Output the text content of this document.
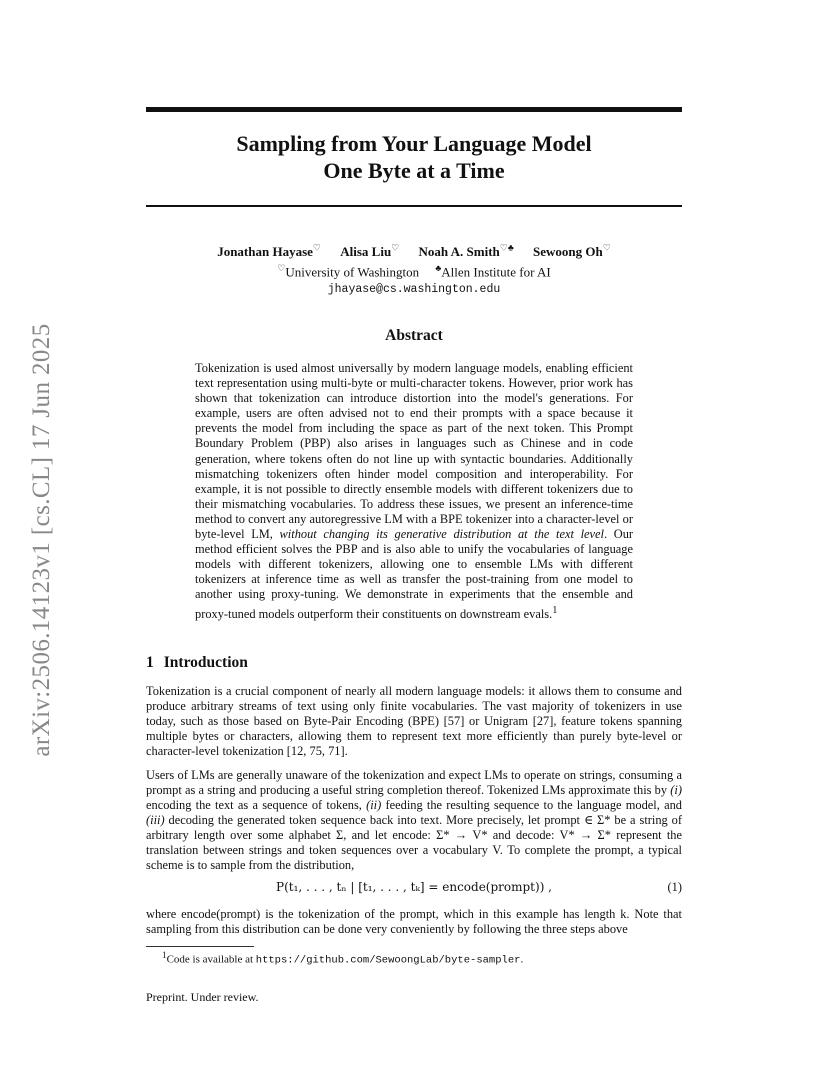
arXiv:2506.14123v1 [cs.CL] 17 Jun 2025
Sampling from Your Language Model
One Byte at a Time
Jonathan Hayase♡ Alisa Liu♡ Noah A. Smith♡♣ Sewoong Oh♡
♡University of Washington ♣Allen Institute for AI
jhayase@cs.washington.edu
Abstract
Tokenization is used almost universally by modern language models, enabling efficient text representation using multi-byte or multi-character tokens. However, prior work has shown that tokenization can introduce distortion into the model's generations. For example, users are often advised not to end their prompts with a space because it prevents the model from including the space as part of the next token. This Prompt Boundary Problem (PBP) also arises in languages such as Chinese and in code generation, where tokens often do not line up with syntactic boundaries. Additionally mismatching tokenizers often hinder model composition and interoperability. For example, it is not possible to directly ensemble models with different tokenizers due to their mismatching vocabularies. To address these issues, we present an inference-time method to convert any autoregressive LM with a BPE tokenizer into a character-level or byte-level LM, without changing its generative distribution at the text level. Our method efficient solves the PBP and is also able to unify the vocabularies of language models with different tokenizers, allowing one to ensemble LMs with different tokenizers at inference time as well as transfer the post-training from one model to another using proxy-tuning. We demonstrate in experiments that the ensemble and proxy-tuned models outperform their constituents on downstream evals.$^1$
1 Introduction
Tokenization is a crucial component of nearly all modern language models: it allows them to consume and produce arbitrary streams of text using only finite vocabularies. The vast majority of tokenizers in use today, such as those based on Byte-Pair Encoding (BPE) [57] or Unigram [27], feature tokens spanning multiple bytes or characters, allowing them to represent text more efficiently than purely byte-level or character-level tokenization [12, 75, 71].
Users of LMs are generally unaware of the tokenization and expect LMs to operate on strings, consuming a prompt as a string and producing a useful string completion thereof. Tokenized LMs approximate this by (i) encoding the text as a sequence of tokens, (ii) feeding the resulting sequence to the language model, and (iii) decoding the generated token sequence back into text. More precisely, let prompt ∈ Σ* be a string of arbitrary length over some alphabet Σ, and let encode: Σ* → V* and decode: V* → Σ* represent the translation between strings and token sequences over a vocabulary V. To complete the prompt, a typical scheme is to sample from the distribution,
P(t₁, . . . , tₙ | [t₁, . . . , tₖ] = encode(prompt)) ,	(1)
where encode(prompt) is the tokenization of the prompt, which in this example has length k. Note that sampling from this distribution can be done very conveniently by following the three steps above
$^1$Code is available at https://github.com/SewoongLab/byte-sampler.
Preprint. Under review.
